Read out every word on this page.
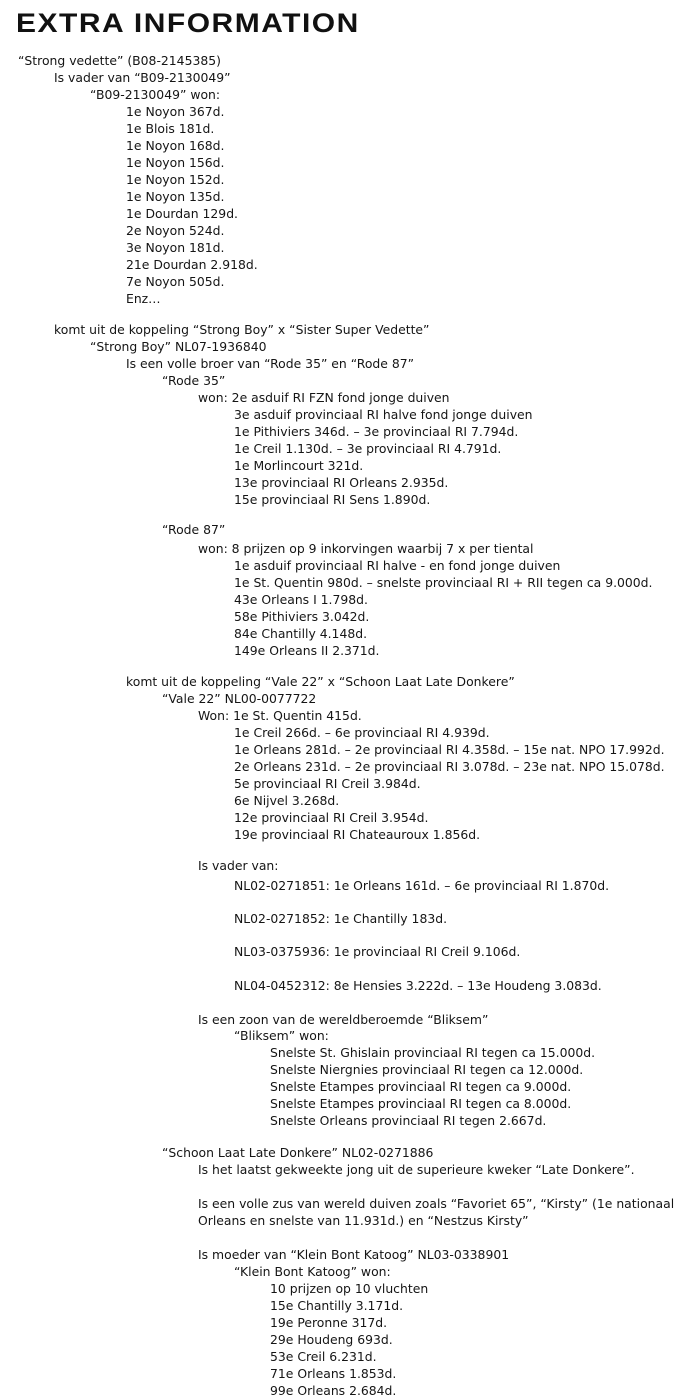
EXTRA INFORMATION
“Strong vedette” (B08-2145385)
Is vader van “B09-2130049”
“B09-2130049” won:
1e Noyon 367d.
1e Blois 181d.
1e Noyon 168d.
1e Noyon 156d.
1e Noyon 152d.
1e Noyon 135d.
1e Dourdan 129d.
2e Noyon 524d.
3e Noyon 181d.
21e Dourdan 2.918d.
7e Noyon 505d.
Enz…
komt uit de koppeling “Strong Boy” x “Sister Super Vedette”
“Strong Boy” NL07-1936840
Is een volle broer van “Rode 35” en “Rode 87”
“Rode 35”
won: 2e asduif RI FZN fond jonge duiven
3e asduif provinciaal RI halve fond jonge duiven
1e Pithiviers 346d. – 3e provinciaal RI 7.794d.
1e Creil 1.130d. – 3e provinciaal RI 4.791d.
1e Morlincourt 321d.
13e provinciaal RI Orleans 2.935d.
15e provinciaal RI Sens 1.890d.
“Rode 87”
won: 8 prijzen op 9 inkorvingen waarbij 7 x per tiental
1e asduif provinciaal RI halve - en fond jonge duiven
1e St. Quentin 980d. – snelste provinciaal RI + RII tegen ca 9.000d.
43e Orleans I 1.798d.
58e Pithiviers 3.042d.
84e Chantilly 4.148d.
149e Orleans II 2.371d.
komt uit de koppeling “Vale 22” x “Schoon Laat Late Donkere”
“Vale 22” NL00-0077722
Won: 1e St. Quentin 415d.
1e Creil 266d. – 6e provinciaal RI 4.939d.
1e Orleans 281d. – 2e provinciaal RI 4.358d. – 15e nat. NPO 17.992d.
2e Orleans 231d. – 2e provinciaal RI 3.078d. – 23e nat. NPO 15.078d.
5e provinciaal RI Creil 3.984d.
6e Nijvel 3.268d.
12e provinciaal RI Creil 3.954d.
19e provinciaal RI Chateauroux 1.856d.
Is vader van:
NL02-0271851: 1e Orleans 161d. – 6e provinciaal RI 1.870d.
NL02-0271852: 1e Chantilly 183d.
NL03-0375936: 1e provinciaal RI Creil 9.106d.
NL04-0452312: 8e Hensies 3.222d. – 13e Houdeng 3.083d.
Is een zoon van de wereldberoemde “Bliksem”
“Bliksem” won:
Snelste St. Ghislain provinciaal RI tegen ca 15.000d.
Snelste Niergnies provinciaal RI tegen ca 12.000d.
Snelste Etampes provinciaal RI tegen ca 9.000d.
Snelste Etampes provinciaal RI tegen ca 8.000d.
Snelste Orleans provinciaal RI tegen 2.667d.
“Schoon Laat Late Donkere” NL02-0271886
Is het laatst gekweekte jong uit de superieure kweker “Late Donkere”.
Is een volle zus van wereld duiven zoals “Favoriet 65”, “Kirsty” (1e nationaal
Orleans en snelste van 11.931d.) en “Nestzus Kirsty”
Is moeder van “Klein Bont Katoog” NL03-0338901
“Klein Bont Katoog” won:
10 prijzen op 10 vluchten
15e Chantilly 3.171d.
19e Peronne 317d.
29e Houdeng 693d.
53e Creil 6.231d.
71e Orleans 1.853d.
99e Orleans 2.684d.
